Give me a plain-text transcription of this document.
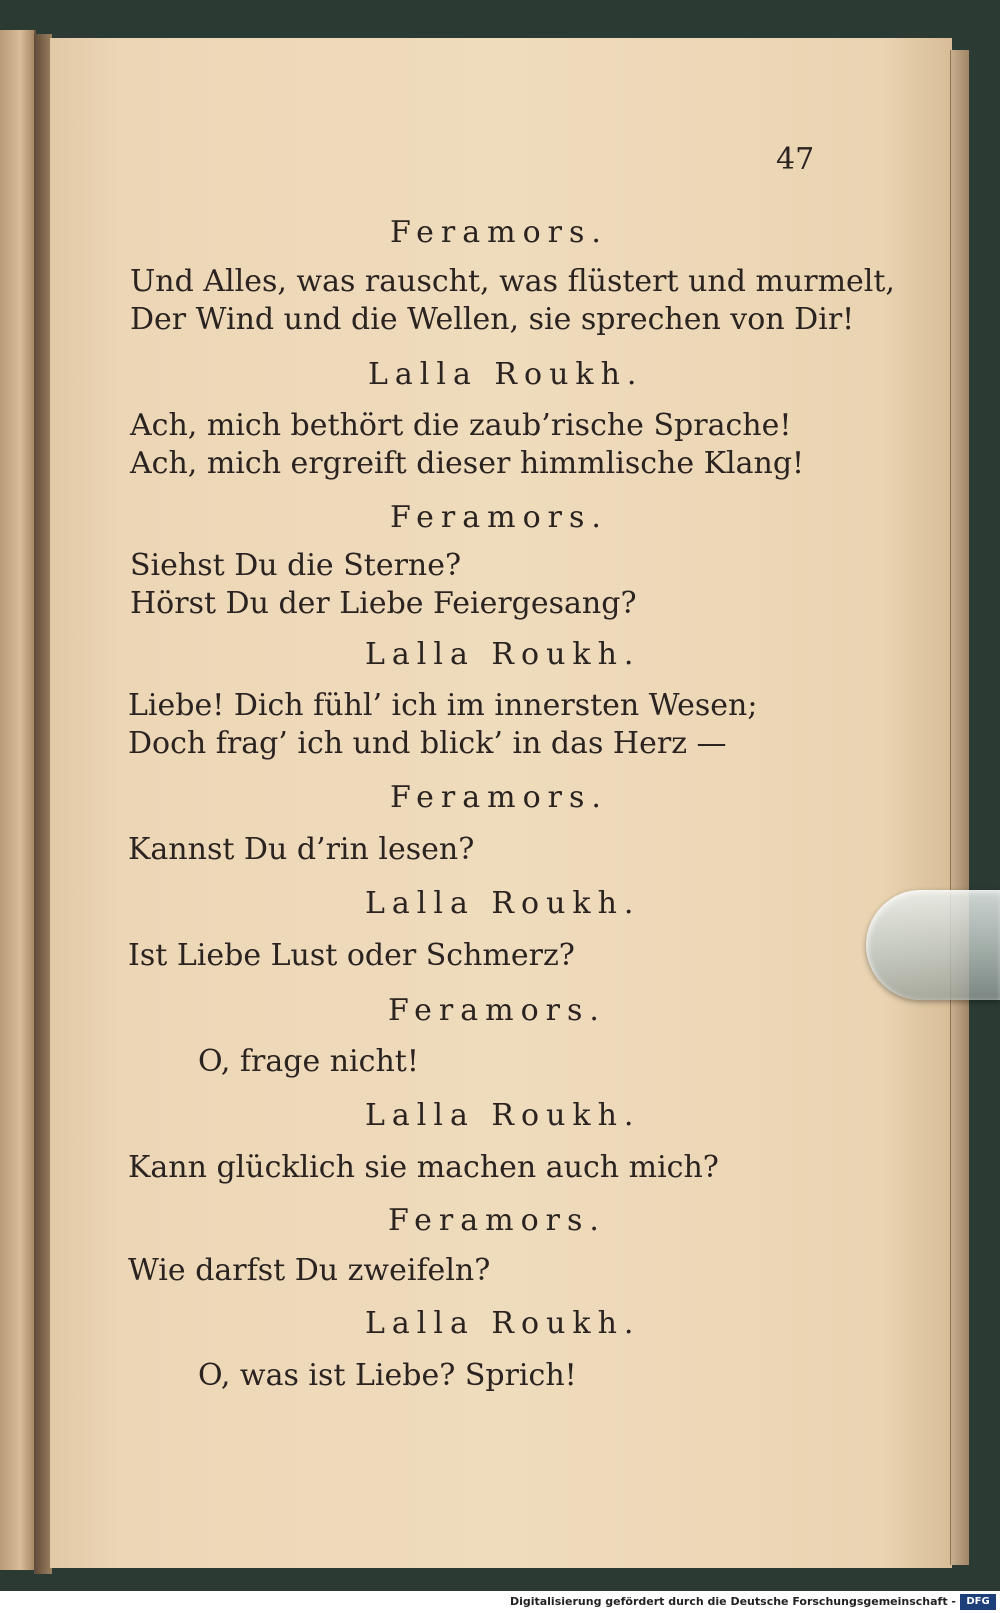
47
Feramors.
Und Alles, was rauscht, was flüstert und murmelt,
Der Wind und die Wellen, sie sprechen von Dir!
Lalla Roukh.
Ach, mich bethört die zaub’rische Sprache!
Ach, mich ergreift dieser himmlische Klang!
Feramors.
Siehst Du die Sterne?
Hörst Du der Liebe Feiergesang?
Lalla Roukh.
Liebe! Dich fühl’ ich im innersten Wesen;
Doch frag’ ich und blick’ in das Herz —
Feramors.
Kannst Du d’rin lesen?
Lalla Roukh.
Ist Liebe Lust oder Schmerz?
Feramors.
O, frage nicht!
Lalla Roukh.
Kann glücklich sie machen auch mich?
Feramors.
Wie darfst Du zweifeln?
Lalla Roukh.
O, was ist Liebe? Sprich!
Digitalisierung gefördert durch die Deutsche Forschungsgemeinschaft -	DFG
